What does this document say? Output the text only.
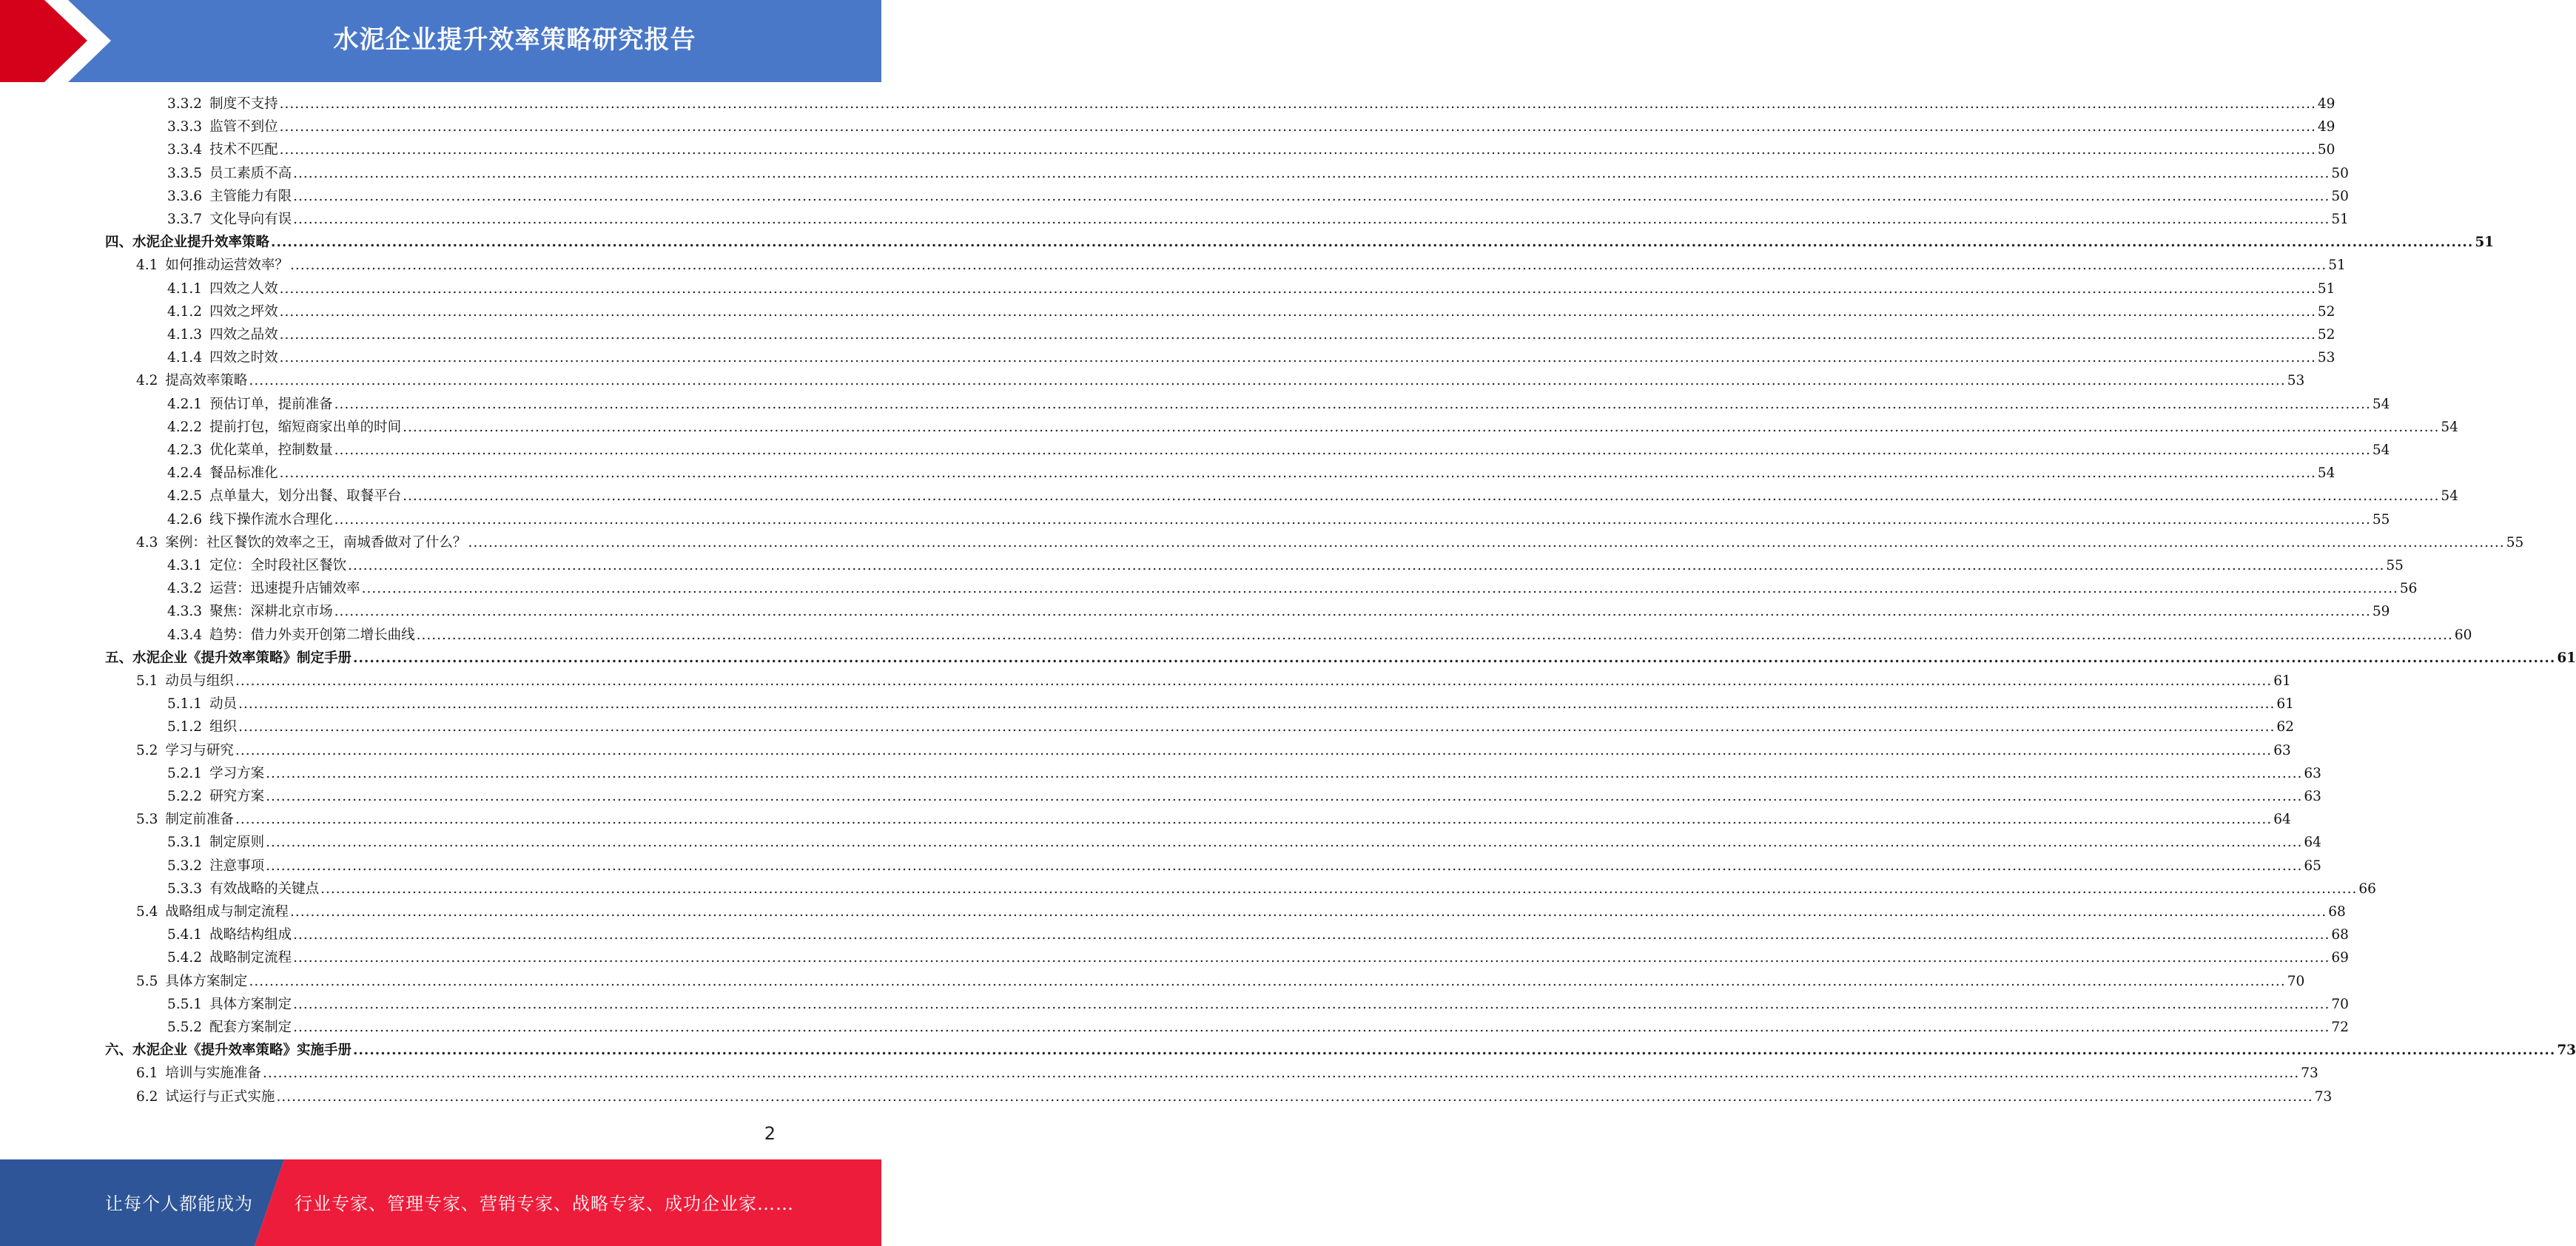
水泥企业提升效率策略研究报告
3.3.2 制度不支持 ................................................................................................................................................................................................................................................................................................................................................................................................................ 49
3.3.3 监管不到位 ................................................................................................................................................................................................................................................................................................................................................................................................................ 49
3.3.4 技术不匹配 ................................................................................................................................................................................................................................................................................................................................................................................................................ 50
3.3.5 员工素质不高 ................................................................................................................................................................................................................................................................................................................................................................................................................ 50
3.3.6 主管能力有限 ................................................................................................................................................................................................................................................................................................................................................................................................................ 50
3.3.7 文化导向有误 ................................................................................................................................................................................................................................................................................................................................................................................................................ 51
四、 水泥企业提升效率策略 ................................................................................................................................................................................................................................................................................................................................................................................................................ 51
4.1 如何推动运营效率？ ................................................................................................................................................................................................................................................................................................................................................................................................................ 51
4.1.1 四效之人效 ................................................................................................................................................................................................................................................................................................................................................................................................................ 51
4.1.2 四效之坪效 ................................................................................................................................................................................................................................................................................................................................................................................................................ 52
4.1.3 四效之品效 ................................................................................................................................................................................................................................................................................................................................................................................................................ 52
4.1.4 四效之时效 ................................................................................................................................................................................................................................................................................................................................................................................................................ 53
4.2 提高效率策略 ................................................................................................................................................................................................................................................................................................................................................................................................................ 53
4.2.1 预估订单，提前准备 ................................................................................................................................................................................................................................................................................................................................................................................................................ 54
4.2.2 提前打包，缩短商家出单的时间 ................................................................................................................................................................................................................................................................................................................................................................................................................ 54
4.2.3 优化菜单，控制数量 ................................................................................................................................................................................................................................................................................................................................................................................................................ 54
4.2.4 餐品标准化 ................................................................................................................................................................................................................................................................................................................................................................................................................ 54
4.2.5 点单量大，划分出餐、取餐平台 ................................................................................................................................................................................................................................................................................................................................................................................................................ 54
4.2.6 线下操作流水合理化 ................................................................................................................................................................................................................................................................................................................................................................................................................ 55
4.3 案例：社区餐饮的效率之王，南城香做对了什么？ ................................................................................................................................................................................................................................................................................................................................................................................................................ 55
4.3.1 定位：全时段社区餐饮 ................................................................................................................................................................................................................................................................................................................................................................................................................ 55
4.3.2 运营：迅速提升店铺效率 ................................................................................................................................................................................................................................................................................................................................................................................................................ 56
4.3.3 聚焦：深耕北京市场 ................................................................................................................................................................................................................................................................................................................................................................................................................ 59
4.3.4 趋势：借力外卖开创第二增长曲线 ................................................................................................................................................................................................................................................................................................................................................................................................................ 60
五、 水泥企业《提升效率策略》制定手册 ................................................................................................................................................................................................................................................................................................................................................................................................................ 61
5.1 动员与组织 ................................................................................................................................................................................................................................................................................................................................................................................................................ 61
5.1.1 动员 ................................................................................................................................................................................................................................................................................................................................................................................................................ 61
5.1.2 组织 ................................................................................................................................................................................................................................................................................................................................................................................................................ 62
5.2 学习与研究 ................................................................................................................................................................................................................................................................................................................................................................................................................ 63
5.2.1 学习方案 ................................................................................................................................................................................................................................................................................................................................................................................................................ 63
5.2.2 研究方案 ................................................................................................................................................................................................................................................................................................................................................................................................................ 63
5.3 制定前准备 ................................................................................................................................................................................................................................................................................................................................................................................................................ 64
5.3.1 制定原则 ................................................................................................................................................................................................................................................................................................................................................................................................................ 64
5.3.2 注意事项 ................................................................................................................................................................................................................................................................................................................................................................................................................ 65
5.3.3 有效战略的关键点 ................................................................................................................................................................................................................................................................................................................................................................................................................ 66
5.4 战略组成与制定流程 ................................................................................................................................................................................................................................................................................................................................................................................................................ 68
5.4.1 战略结构组成 ................................................................................................................................................................................................................................................................................................................................................................................................................ 68
5.4.2 战略制定流程 ................................................................................................................................................................................................................................................................................................................................................................................................................ 69
5.5 具体方案制定 ................................................................................................................................................................................................................................................................................................................................................................................................................ 70
5.5.1 具体方案制定 ................................................................................................................................................................................................................................................................................................................................................................................................................ 70
5.5.2 配套方案制定 ................................................................................................................................................................................................................................................................................................................................................................................................................ 72
六、 水泥企业《提升效率策略》实施手册 ................................................................................................................................................................................................................................................................................................................................................................................................................ 73
6.1 培训与实施准备 ................................................................................................................................................................................................................................................................................................................................................................................................................ 73
6.2 试运行与正式实施 ................................................................................................................................................................................................................................................................................................................................................................................................................ 73
2
让每个人都能成为 行业专家、管理专家、营销专家、战略专家、成功企业家……
